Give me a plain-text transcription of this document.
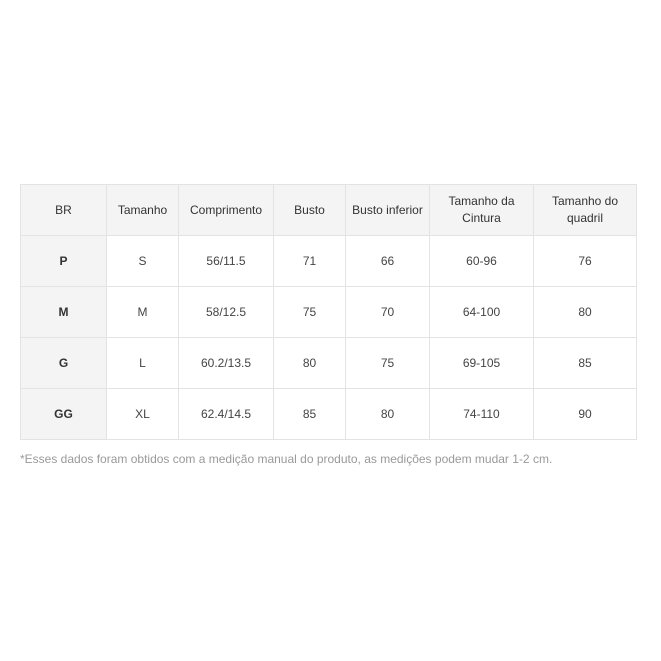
BR	Tamanho	Comprimento	Busto	Busto inferior	Tamanho da Cintura	Tamanho do quadril
P	S	56/11.5	71	66	60-96	76
M	M	58/12.5	75	70	64-100	80
G	L	60.2/13.5	80	75	69-105	85
GG	XL	62.4/14.5	85	80	74-110	90
*Esses dados foram obtidos com a medição manual do produto, as medições podem mudar 1-2 cm.
